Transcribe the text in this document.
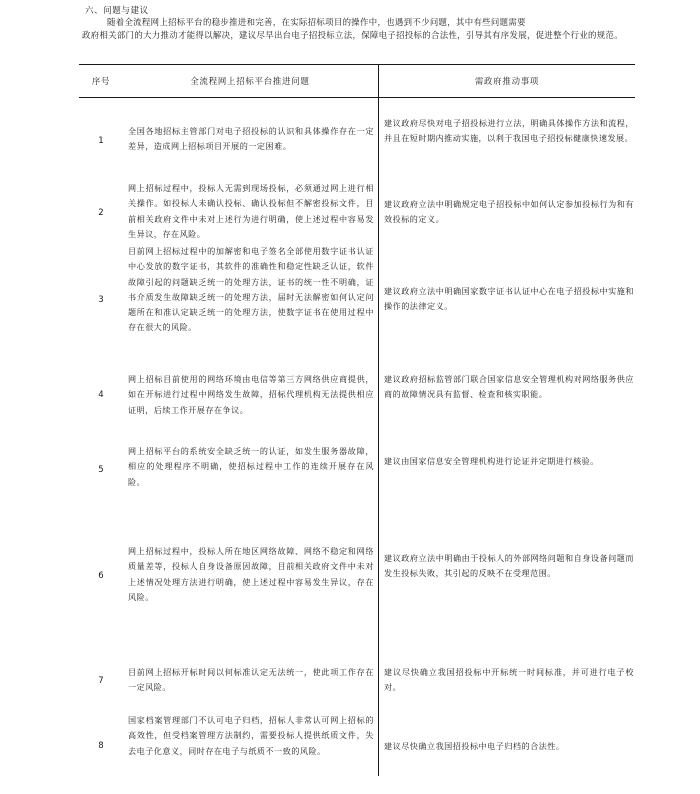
六、问题与建议
随着全流程网上招标平台的稳步推进和完善，在实际招标项目的操作中，也遇到不少问题，其中有些问题需要
政府相关部门的大力推动才能得以解决，建议尽早出台电子招投标立法，保障电子招投标的合法性，引导其有序发展，促进整个行业的规范。
序号	全流程网上招标平台推进问题	需政府推动事项
1
全国各地招标主管部门对电子招投标的认识和具体操作存在一定差异，造成网上招标项目开展的一定困难。
建议政府尽快对电子招投标进行立法，明确具体操作方法和流程，并且在短时期内推动实施，以利于我国电子招投标健康快速发展。
2
网上招标过程中，投标人无需到现场投标，必须通过网上进行相关操作。如投标人未确认投标、确认投标但不解密投标文件，目前相关政府文件中未对上述行为进行明确，使上述过程中容易发生异议，存在风险。
建议政府立法中明确规定电子招投标中如何认定参加投标行为和有效投标的定义。
3
目前网上招标过程中的加解密和电子签名全部使用数字证书认证中心发放的数字证书，其软件的准确性和稳定性缺乏认证，软件故障引起的问题缺乏统一的处理方法，证书的统一性不明确，证书介质发生故障缺乏统一的处理方法，届时无法解密如何认定问题所在和准认定缺乏统一的处理方法，使数字证书在使用过程中存在很大的风险。
建议政府立法中明确国家数字证书认证中心在电子招投标中实施和操作的法律定义。
4
网上招标目前使用的网络环境由电信等第三方网络供应商提供，如在开标进行过程中网络发生故障，招标代理机构无法提供相应证明，后续工作开展存在争议。
建议政府招标监管部门联合国家信息安全管理机构对网络服务供应商的故障情况具有监督、检查和核实职能。
5
网上招标平台的系统安全缺乏统一的认证，如发生服务器故障，相应的处理程序不明确，使招标过程中工作的连续开展存在风险。
建议由国家信息安全管理机构进行论证并定期进行核验。
6
网上招标过程中，投标人所在地区网络故障、网络不稳定和网络质量差等，投标人自身设备原因故障，目前相关政府文件中未对上述情况处理方法进行明确，使上述过程中容易发生异议，存在风险。
建议政府立法中明确由于投标人的外部网络问题和自身设备问题而发生投标失败，其引起的反映不在受理范围。
7
目前网上招标开标时间以何标准认定无法统一，使此项工作存在一定风险。
建议尽快确立我国招投标中开标统一时间标准，并可进行电子校对。
8
国家档案管理部门不认可电子归档，招标人非常认可网上招标的高效性，但受档案管理方法制约，需要投标人提供纸质文件，失去电子化意义，同时存在电子与纸质不一致的风险。	建议尽快确立我国招投标中电子归档的合法性。
